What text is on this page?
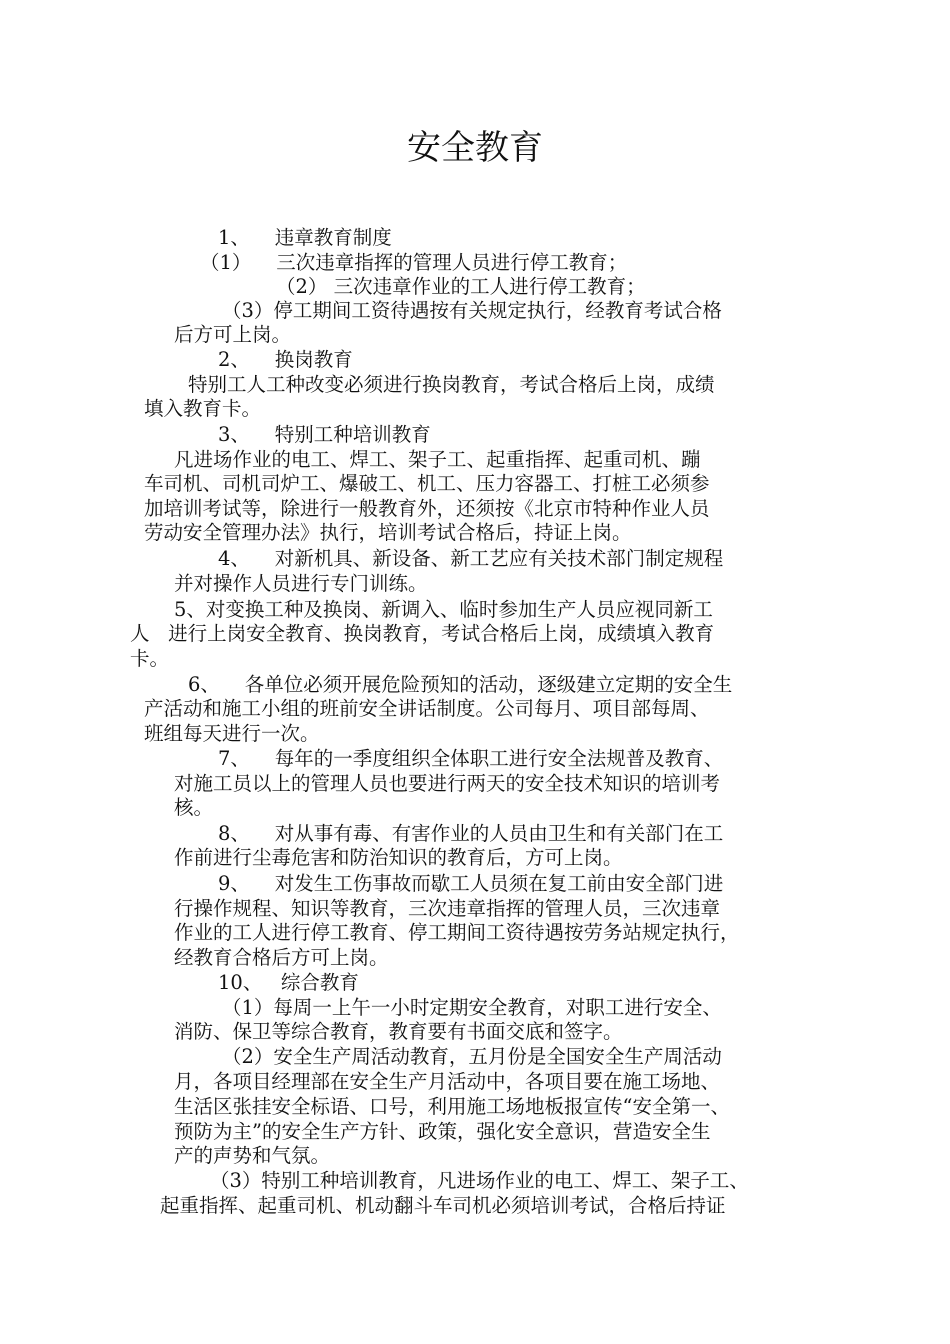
安全教育

1、    违章教育制度

（1）    三次违章指挥的管理人员进行停工教育；

（2） 三次违章作业的工人进行停工教育；

（3）停工期间工资待遇按有关规定执行，经教育考试合格

后方可上岗。

2、    换岗教育

特别工人工种改变必须进行换岗教育，考试合格后上岗，成绩

填入教育卡。

3、    特别工种培训教育

凡进场作业的电工、焊工、架子工、起重指挥、起重司机、蹦

车司机、司机司炉工、爆破工、机工、压力容器工、打桩工必须参

加培训考试等，除进行一般教育外，还须按《北京市特种作业人员

劳动安全管理办法》执行，培训考试合格后，持证上岗。

4、    对新机具、新设备、新工艺应有关技术部门制定规程

并对操作人员进行专门训练。

5、对变换工种及换岗、新调入、临时参加生产人员应视同新工

人   进行上岗安全教育、换岗教育，考试合格后上岗，成绩填入教育

卡。

6、    各单位必须开展危险预知的活动，逐级建立定期的安全生

产活动和施工小组的班前安全讲话制度。公司每月、项目部每周、

班组每天进行一次。

7、    每年的一季度组织全体职工进行安全法规普及教育、

对施工员以上的管理人员也要进行两天的安全技术知识的培训考

核。

8、    对从事有毒、有害作业的人员由卫生和有关部门在工

作前进行尘毒危害和防治知识的教育后，方可上岗。

9、    对发生工伤事故而歇工人员须在复工前由安全部门进

行操作规程、知识等教育，三次违章指挥的管理人员，三次违章

作业的工人进行停工教育、停工期间工资待遇按劳务站规定执行，

经教育合格后方可上岗。

10、   综合教育

（1）每周一上午一小时定期安全教育，对职工进行安全、

消防、保卫等综合教育，教育要有书面交底和签字。

（2）安全生产周活动教育，五月份是全国安全生产周活动

月，各项目经理部在安全生产月活动中，各项目要在施工场地、

生活区张挂安全标语、口号，利用施工场地板报宣传“安全第一、

预防为主”的安全生产方针、政策，强化安全意识，营造安全生

产的声势和气氛。

（3）特别工种培训教育，凡进场作业的电工、焊工、架子工、

起重指挥、起重司机、机动翻斗车司机必须培训考试，合格后持证
